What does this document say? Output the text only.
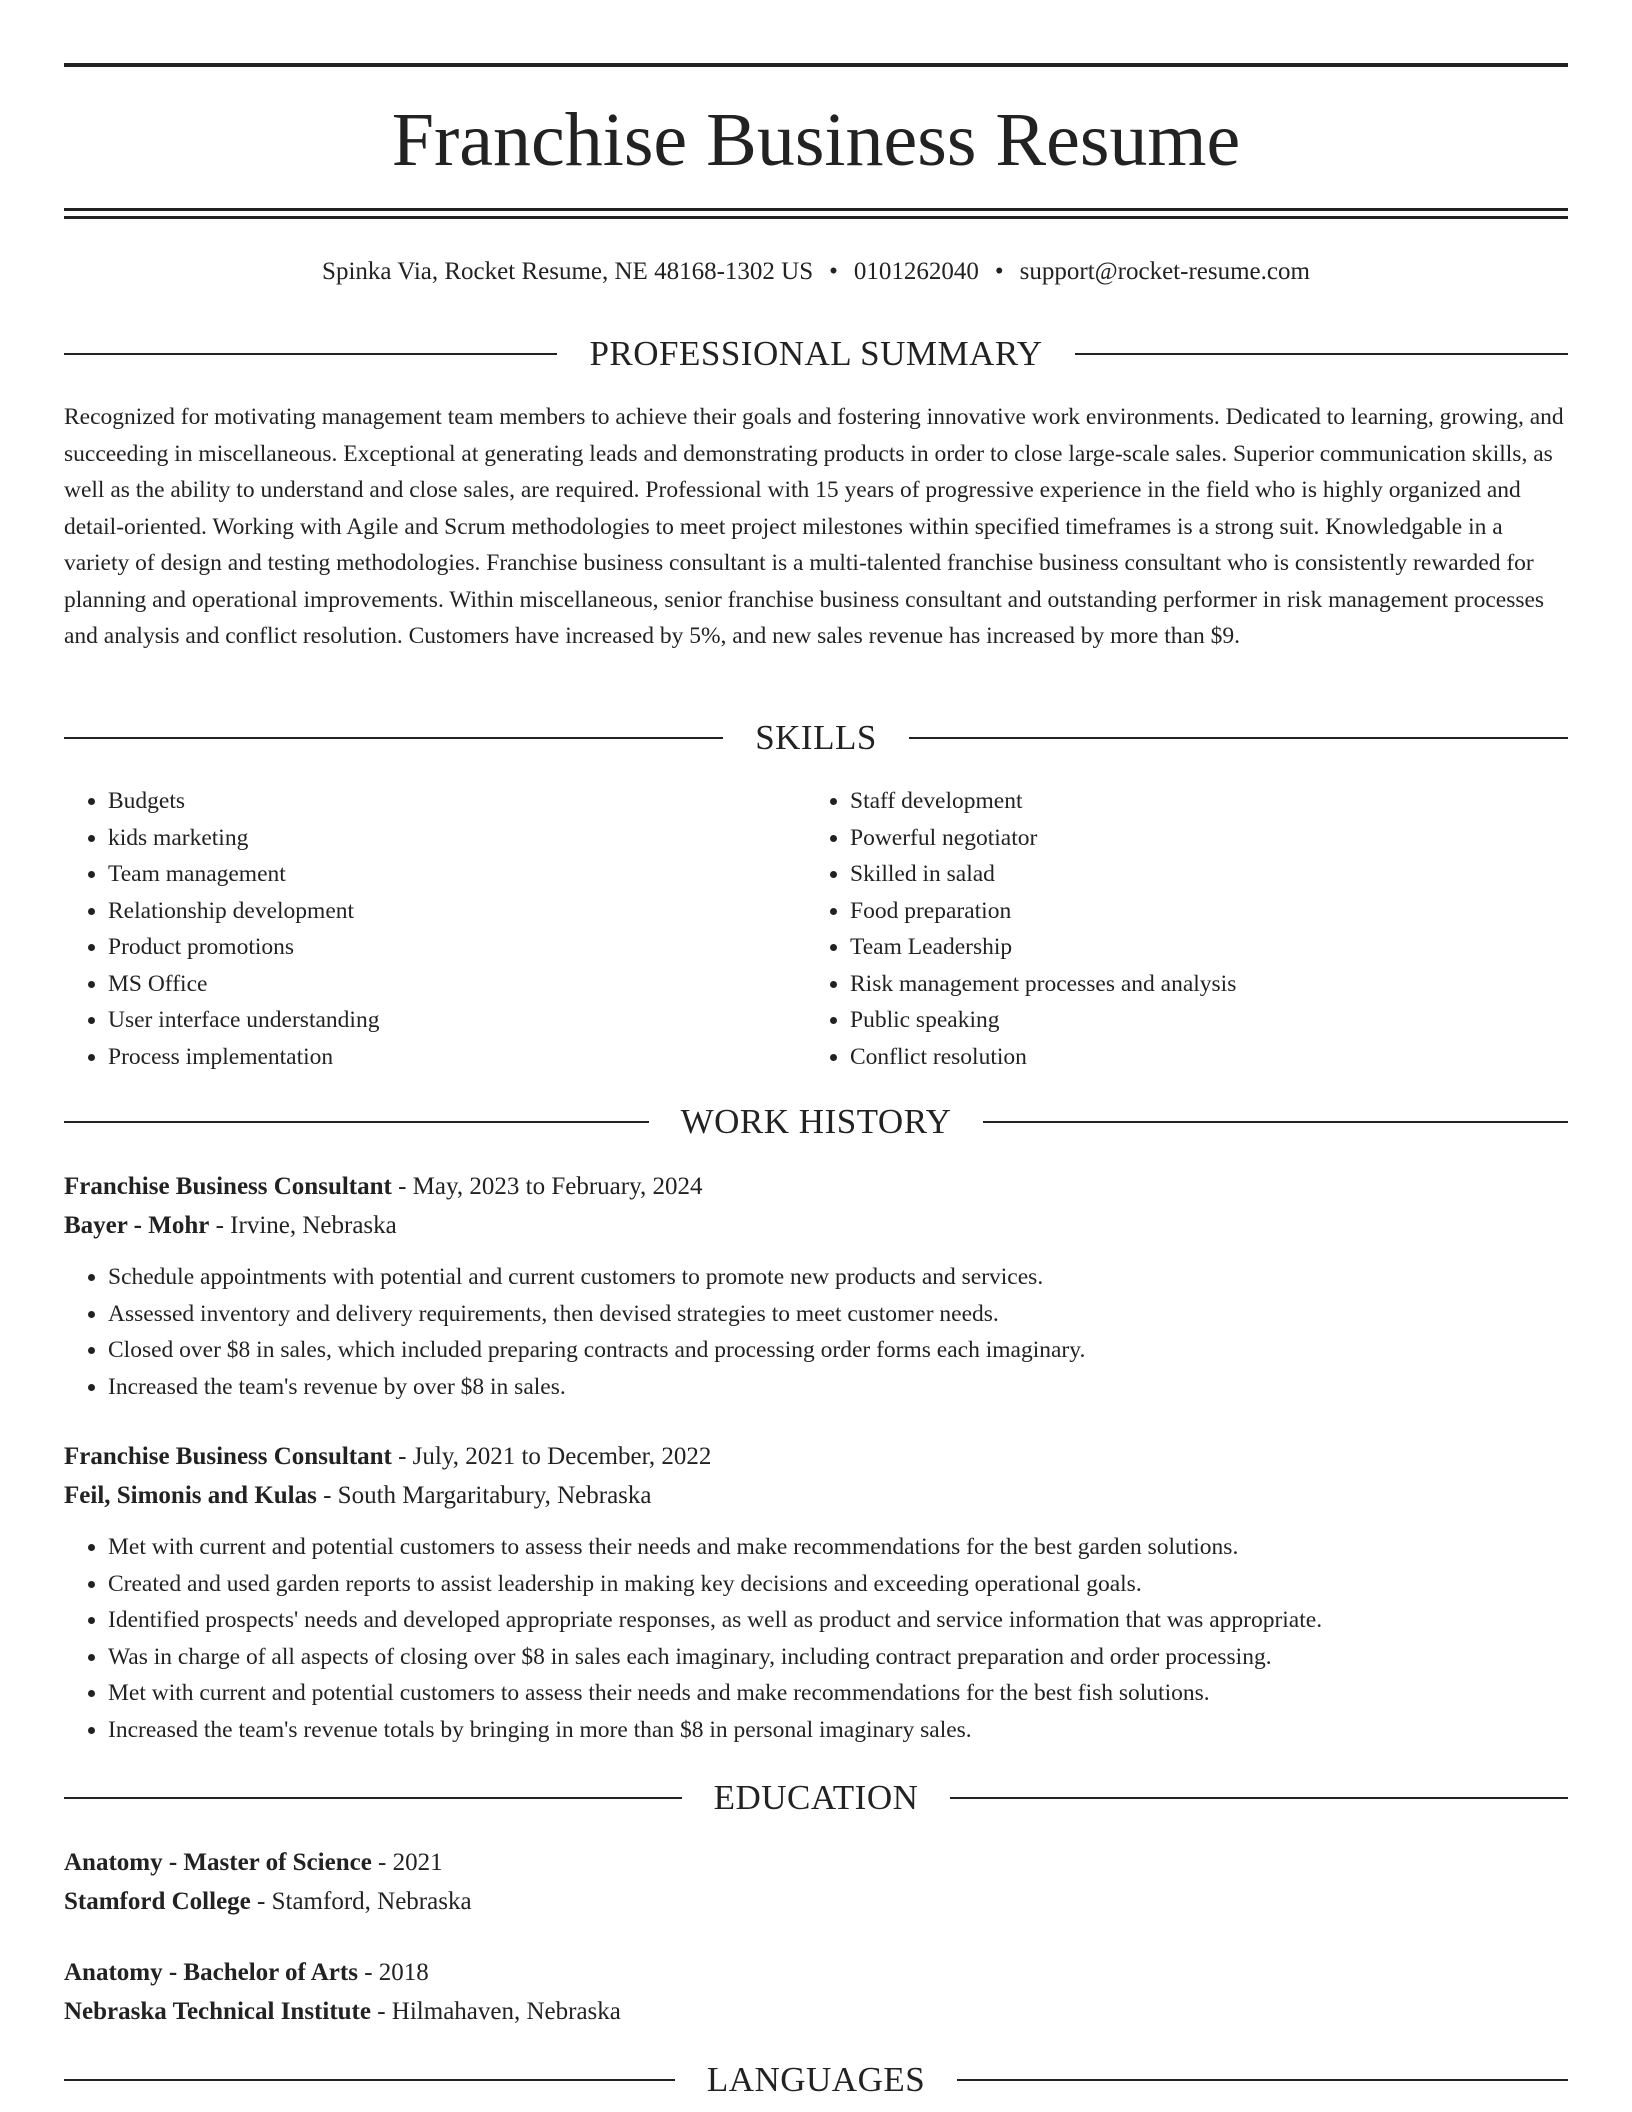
Franchise Business Resume
Spinka Via, Rocket Resume, NE 48168-1302 US • 0101262040 • support@rocket-resume.com
PROFESSIONAL SUMMARY

Recognized for motivating management team members to achieve their goals and fostering innovative work environments. Dedicated to learning, growing, and succeeding in miscellaneous. Exceptional at generating leads and demonstrating products in order to close large-scale sales. Superior communication skills, as well as the ability to understand and close sales, are required. Professional with 15 years of progressive experience in the field who is highly organized and detail-oriented. Working with Agile and Scrum methodologies to meet project milestones within specified timeframes is a strong suit. Knowledgable in a variety of design and testing methodologies. Franchise business consultant is a multi-talented franchise business consultant who is consistently rewarded for planning and operational improvements. Within miscellaneous, senior franchise business consultant and outstanding performer in risk management processes and analysis and conflict resolution. Customers have increased by 5%, and new sales revenue has increased by more than $9.

SKILLS
• Budgets
• kids marketing
• Team management
• Relationship development
• Product promotions
• MS Office
• User interface understanding
• Process implementation
• Staff development
• Powerful negotiator
• Skilled in salad
• Food preparation
• Team Leadership
• Risk management processes and analysis
• Public speaking
• Conflict resolution
WORK HISTORY
Franchise Business Consultant - May, 2023 to February, 2024
Bayer - Mohr - Irvine, Nebraska
• Schedule appointments with potential and current customers to promote new products and services.
• Assessed inventory and delivery requirements, then devised strategies to meet customer needs.
• Closed over $8 in sales, which included preparing contracts and processing order forms each imaginary.
• Increased the team's revenue by over $8 in sales.
Franchise Business Consultant - July, 2021 to December, 2022
Feil, Simonis and Kulas - South Margaritabury, Nebraska
• Met with current and potential customers to assess their needs and make recommendations for the best garden solutions.
• Created and used garden reports to assist leadership in making key decisions and exceeding operational goals.
• Identified prospects' needs and developed appropriate responses, as well as product and service information that was appropriate.
• Was in charge of all aspects of closing over $8 in sales each imaginary, including contract preparation and order processing.
• Met with current and potential customers to assess their needs and make recommendations for the best fish solutions.
• Increased the team's revenue totals by bringing in more than $8 in personal imaginary sales.
EDUCATION
Anatomy - Master of Science - 2021
Stamford College - Stamford, Nebraska
Anatomy - Bachelor of Arts - 2018
Nebraska Technical Institute - Hilmahaven, Nebraska
LANGUAGES
